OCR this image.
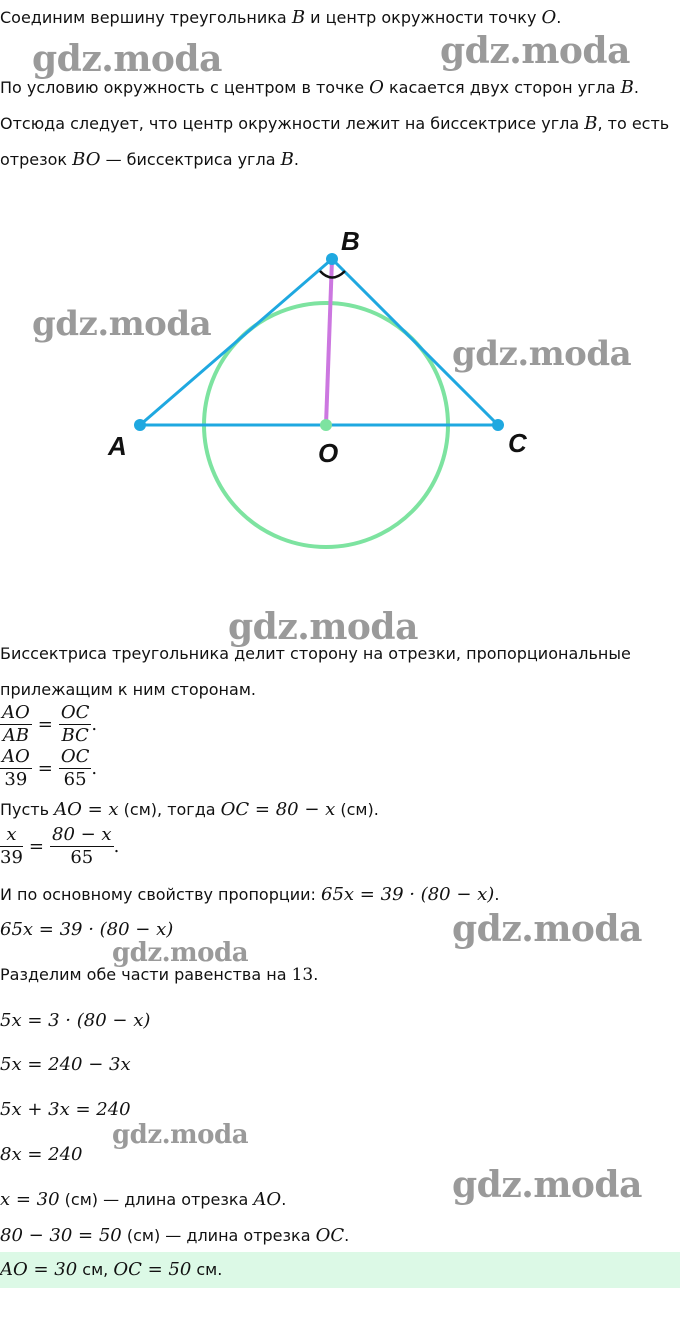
Соединим вершину треугольника B и центр окружности точку O.
По условию окружность с центром в точке O касается двух сторон угла B.
Отсюда следует, что центр окружности лежит на биссектрисе угла B, то есть
отрезок BO — биссектриса угла B.
A
B
C
O
Биссектриса треугольника делит сторону на отрезки, пропорциональные
прилежащим к ним сторонам.
$\frac{AO}{AB} = \frac{OC}{BC}$ .
$\frac{AO}{39} = \frac{OC}{65}$ .
Пусть AO = x (см), тогда OC = 80 − x (см).
$\frac{x}{39} = \frac{80 - x}{65}$ .
И по основному свойству пропорции: 65x = 39 · (80 − x).
65x = 39 · (80 − x)
Разделим обе части равенства на 13.
5x = 3 · (80 − x)
5x = 240 − 3x
5x + 3x = 240
8x = 240
x = 30 (см) — длина отрезка AO.
80 − 30 = 50 (см) — длина отрезка OC.
AO = 30 см, OC = 50 см.
gdz.moda	gdz.moda
gdz.moda
gdz.moda
gdz.moda
gdz.moda
gdz.moda
gdz.moda
gdz.moda
